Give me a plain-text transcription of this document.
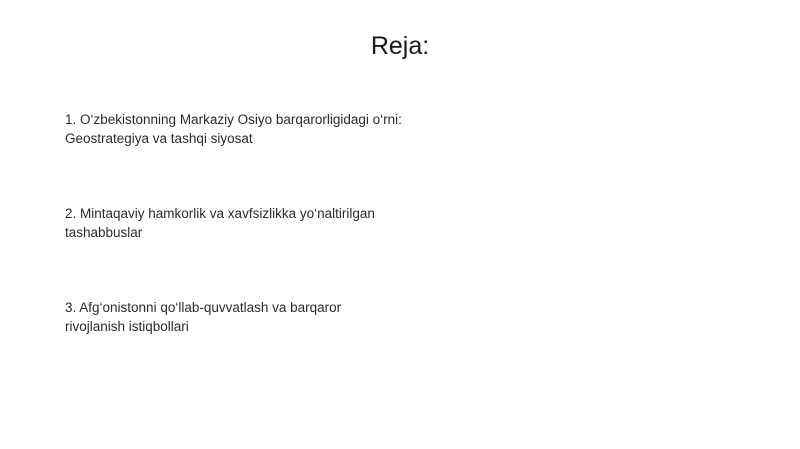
Reja:
1. O‘zbekistonning Markaziy Osiyo barqarorligidagi o‘rni:
Geostrategiya va tashqi siyosat
2. Mintaqaviy hamkorlik va xavfsizlikka yo‘naltirilgan
tashabbuslar
3. Afg‘onistonni qo‘llab-quvvatlash va barqaror
rivojlanish istiqbollari
